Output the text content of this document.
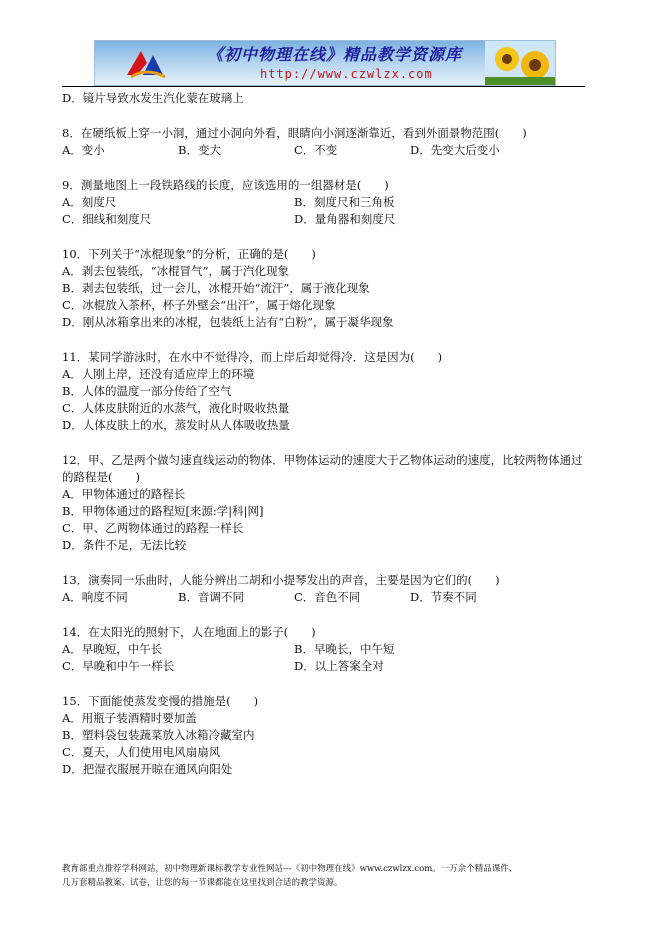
《初中物理在线》精品教学资源库
http://www.czwlzx.com
D．镜片导致水发生汽化蒙在玻璃上
8．在硬纸板上穿一小洞，通过小洞向外看，眼睛向小洞逐渐靠近，看到外面景物范围(　　)
A．变小	B．变大	C．不变	D．先变大后变小
9．测量地图上一段铁路线的长度，应该选用的一组器材是(　　)
A．刻度尺	B．刻度尺和三角板
C．细线和刻度尺	D．量角器和刻度尺
10．下列关于“冰棍现象”的分析，正确的是(　　)
A．剥去包装纸，“冰棍冒气”，属于汽化现象
B．剥去包装纸，过一会儿，冰棍开始“流汗”，属于液化现象
C．冰棍放入茶杯，杯子外壁会“出汗”，属于熔化现象
D．刚从冰箱拿出来的冰棍，包装纸上沾有“白粉”，属于凝华现象
11．某同学游泳时，在水中不觉得冷，而上岸后却觉得冷．这是因为(　　)
A．人刚上岸，还没有适应岸上的环境
B．人体的温度一部分传给了空气
C．人体皮肤附近的水蒸气，液化时吸收热量
D．人体皮肤上的水，蒸发时从人体吸收热量
12．甲、乙是两个做匀速直线运动的物体．甲物体运动的速度大于乙物体运动的速度，比较两物体通过
的路程是(　　)
A．甲物体通过的路程长
B．甲物体通过的路程短[来源:学|科|网]
C．甲、乙两物体通过的路程一样长
D．条件不足，无法比较
13．演奏同一乐曲时，人能分辨出二胡和小提琴发出的声音，主要是因为它们的(　　)
A．响度不同	B．音调不同	C．音色不同	D．节奏不同
14．在太阳光的照射下，人在地面上的影子(　　)
A．早晚短，中午长	B．早晚长，中午短
C．早晚和中午一样长	D．以上答案全对
15．下面能使蒸发变慢的措施是(　　)
A．用瓶子装酒精时要加盖
B．塑料袋包装蔬菜放入冰箱冷藏室内
C．夏天，人们使用电风扇扇风
D．把湿衣服展开晾在通风向阳处
教育部重点推荐学科网站，初中物理新课标教学专业性网站---《初中物理在线》www.czwlzx.com。一万余个精品课件、
几万套精品教案、试卷，让您的每一节课都能在这里找到合适的教学资源。
